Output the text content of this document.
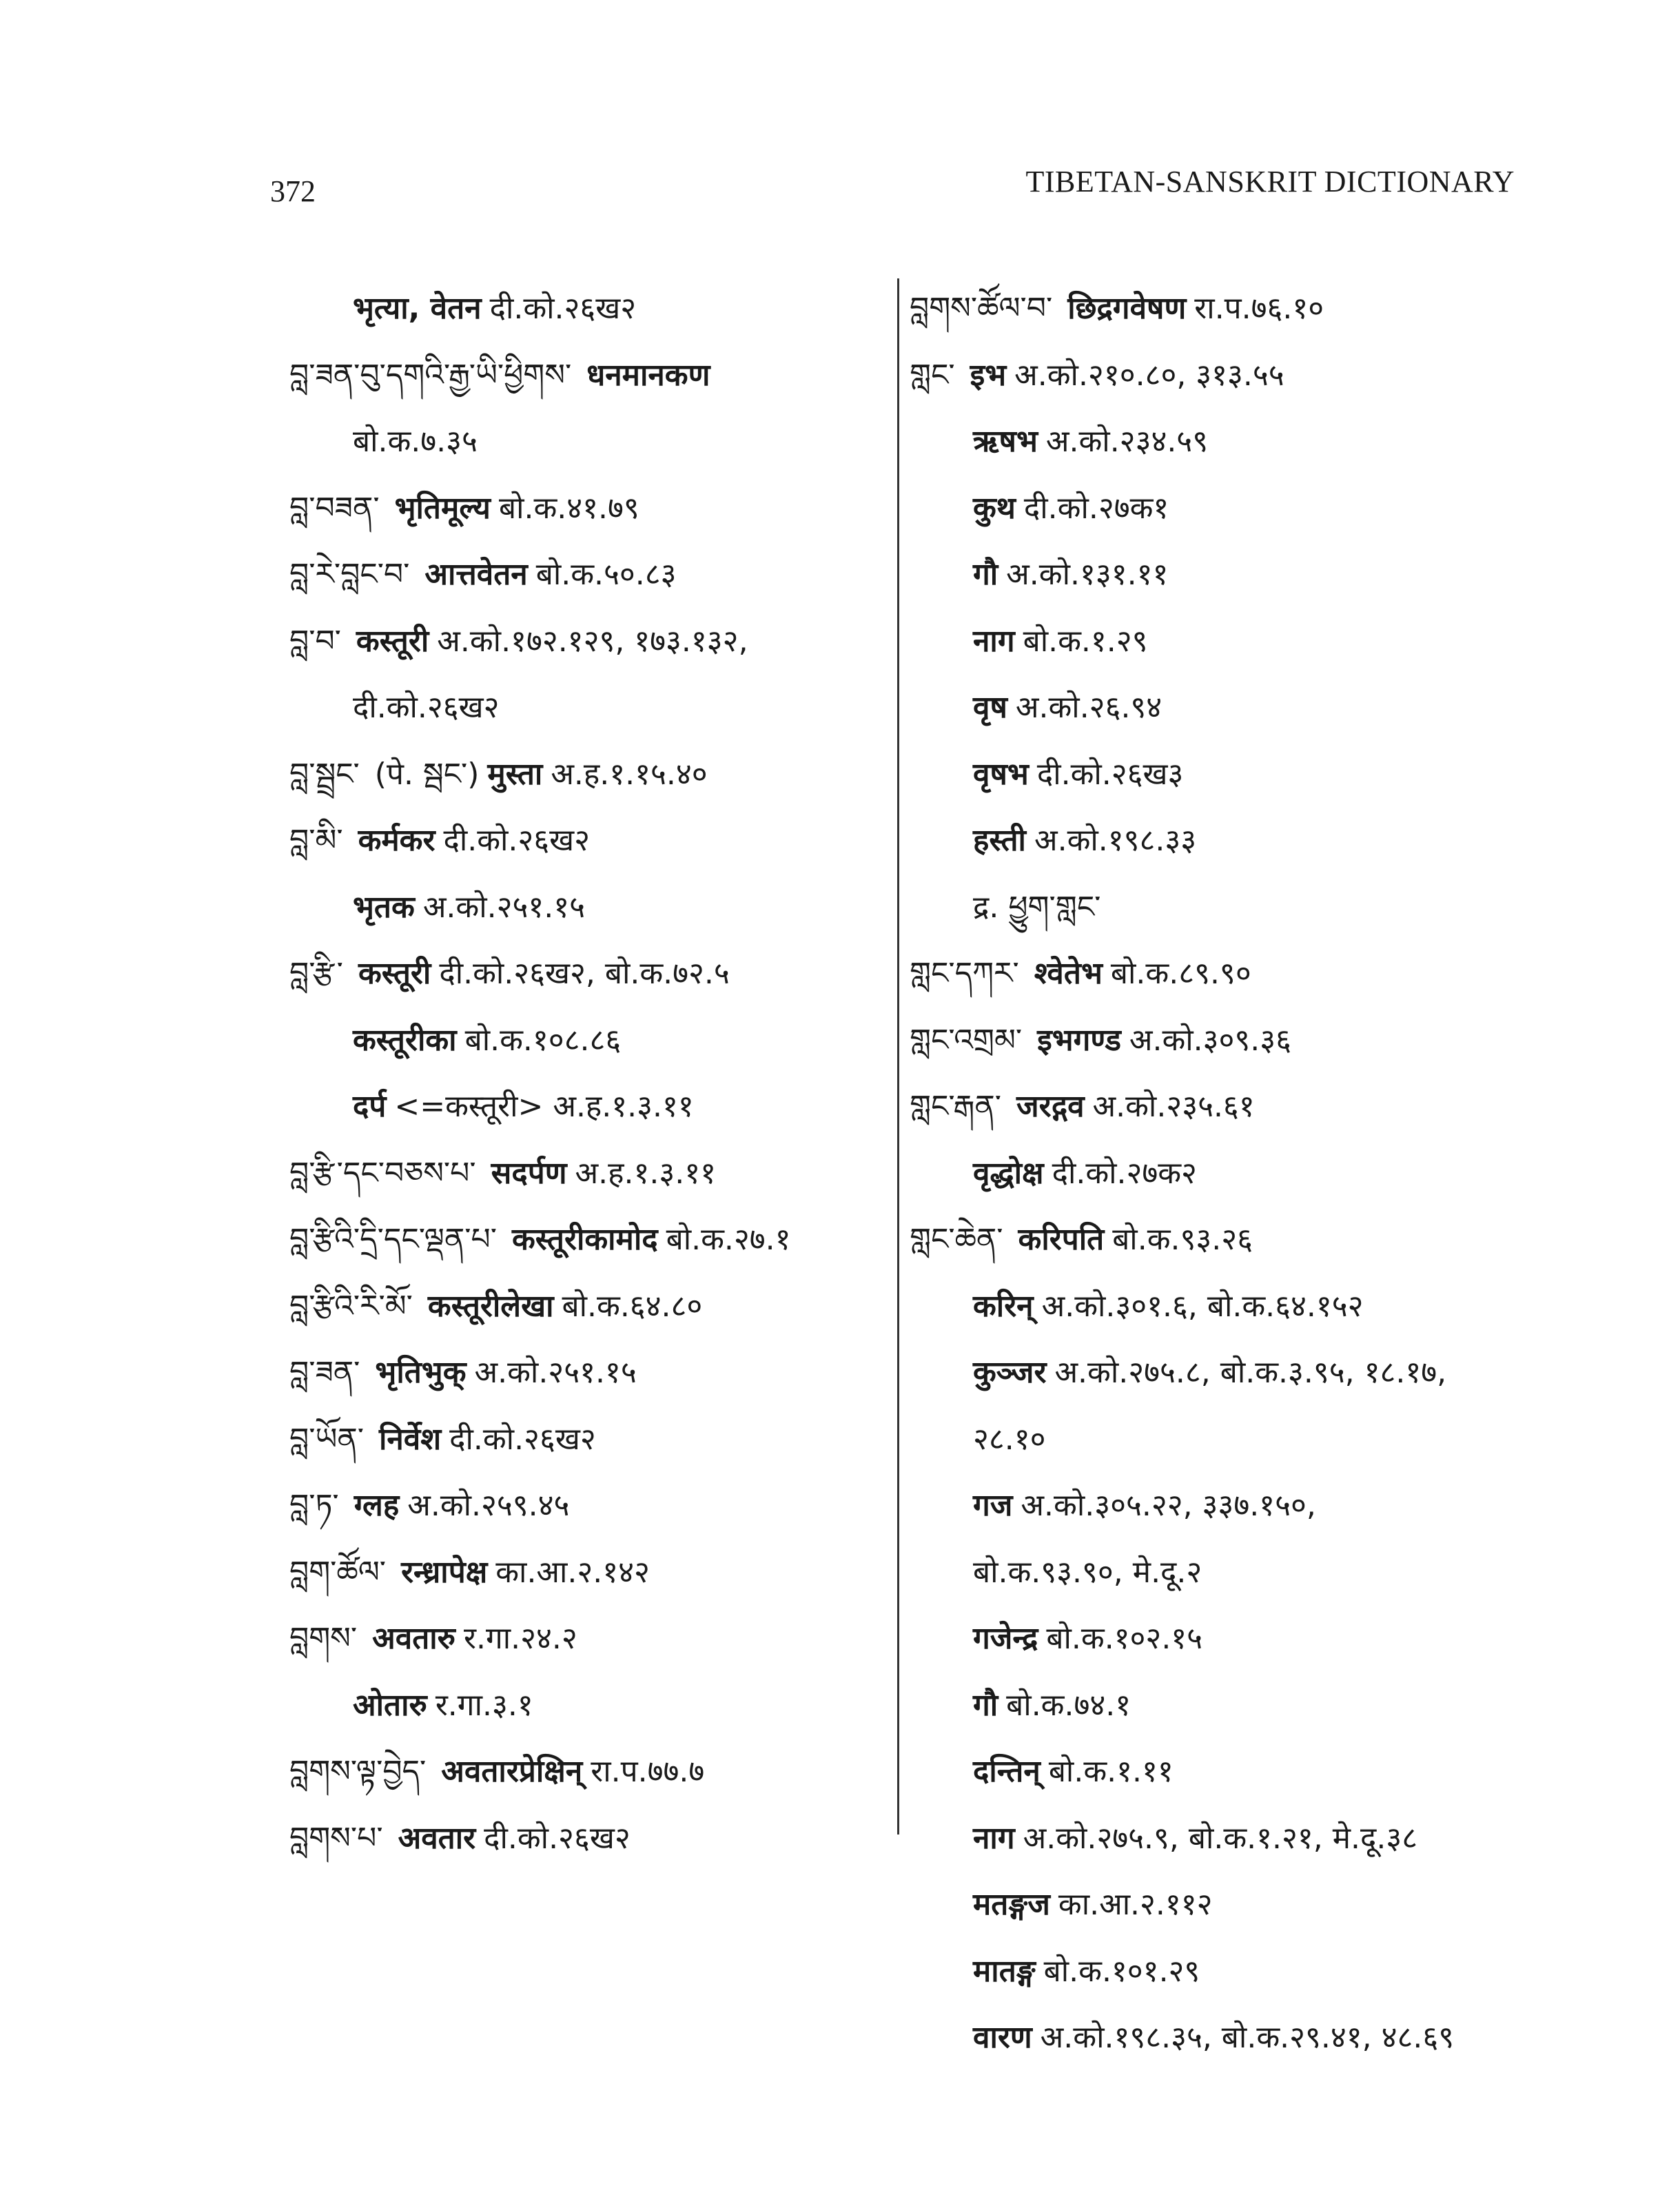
372	TIBETAN-SANSKRIT DICTIONARY
भृत्या, वेतन दी.को.२६ख२
བླ་ཟན་བུ་དགའི་རྒྱ་ཡི་ཕྱིགས་ धनमानकण
बो.क.७.३५
བླ་བཟན་ भृतिमूल्य बो.क.४१.७९
བླ་རེ་བླང་བ་ आत्तवेतन बो.क.५०.८३
བླ་བ་ कस्तूरी अ.को.१७२.१२९, १७३.१३२,
दी.को.२६ख२
བླ་སྦྲང་ (पे. སྦང་) मुस्ता अ.ह.१.१५.४०
བླ་མི་ कर्मकर दी.को.२६ख२
भृतक अ.को.२५१.१५
བླ་རྩི་ कस्तूरी दी.को.२६ख२, बो.क.७२.५
कस्तूरीका बो.क.१०८.८६
दर्प <=कस्तूरी> अ.ह.१.३.११
བླ་རྩི་དང་བཅས་པ་ सदर्पण अ.ह.१.३.११
བླ་རྩིའི་དྲི་དང་ལྡན་པ་ कस्तूरीकामोद बो.क.२७.१
བླ་རྩིའི་རི་མོ་ कस्तूरीलेखा बो.क.६४.८०
བླ་ཟན་ भृतिभुक् अ.को.२५१.१५
བླ་ཡོན་ निर्वेश दी.को.२६ख२
བླ་ཏ་ ग्लह अ.को.२५९.४५
བླག་ཚོལ་ रन्ध्रापेक्ष का.आ.२.१४२
བླགས་ अवतारु र.गा.२४.२
ओतारु र.गा.३.१
བླགས་ལྟ་བྱེད་ अवतारप्रेक्षिन् रा.प.७७.७
བླགས་པ་ अवतार दी.को.२६ख२
བླགས་ཚོལ་བ་ छिद्रगवेषण रा.प.७६.१०
གླང་ इभ अ.को.२१०.८०, ३१३.५५
ऋषभ अ.को.२३४.५९
कुथ दी.को.२७क१
गौ अ.को.१३१.११
नाग बो.क.१.२९
वृष अ.को.२६.९४
वृषभ दी.को.२६ख३
हस्ती अ.को.१९८.३३
द्र. ཕྱུག་གླང་
གླང་དཀར་ श्वेतेभ बो.क.८९.९०
གླང་འགྲམ་ इभगण्ड अ.को.३०९.३६
གླང་རྒན་ जरद्गव अ.को.२३५.६१
वृद्धोक्ष दी.को.२७क२
གླང་ཆེན་ करिपति बो.क.९३.२६
करिन् अ.को.३०१.६, बो.क.६४.१५२
कुञ्जर अ.को.२७५.८, बो.क.३.९५, १८.१७,
२८.१०
गज अ.को.३०५.२२, ३३७.१५०,
बो.क.९३.९०, मे.दू.२
गजेन्द्र बो.क.१०२.१५
गौ बो.क.७४.१
दन्तिन् बो.क.१.११
नाग अ.को.२७५.९, बो.क.१.२१, मे.दू.३८
मतङ्गज का.आ.२.११२
मातङ्ग बो.क.१०१.२९
वारण अ.को.१९८.३५, बो.क.२९.४१, ४८.६९
